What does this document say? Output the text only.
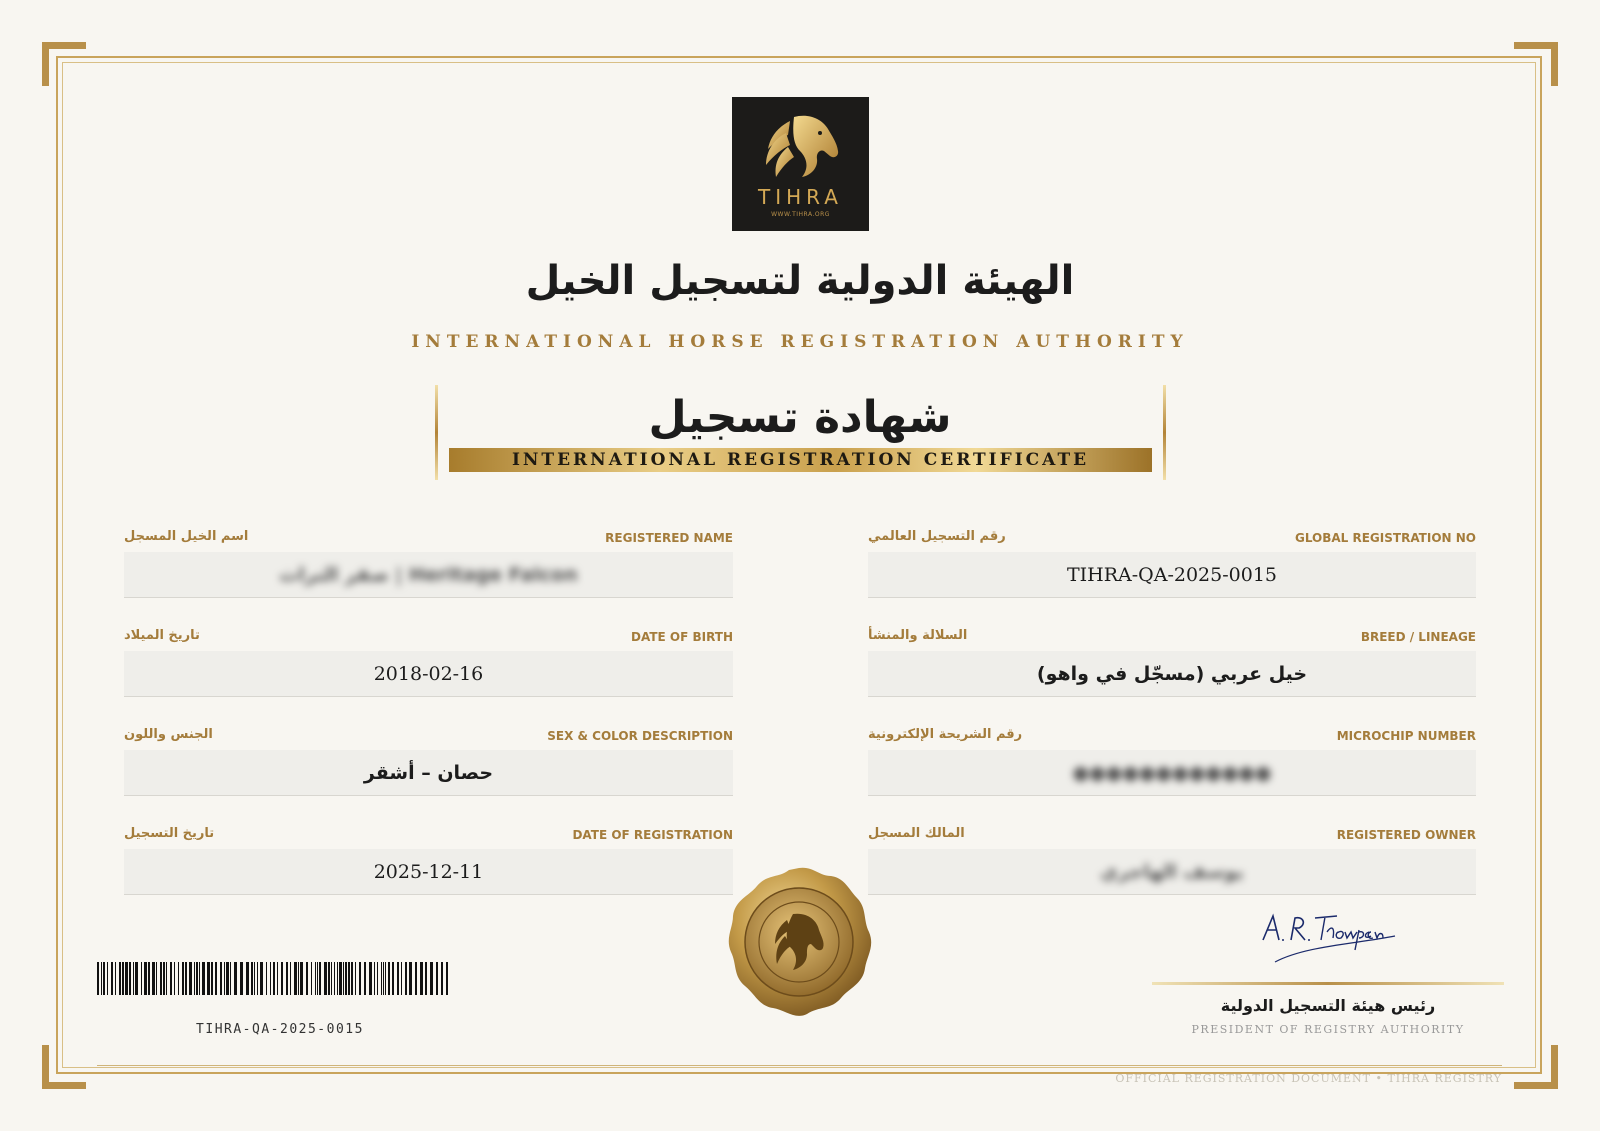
TIHRA
WWW.TIHRA.ORG
الهيئة الدولية لتسجيل الخيل
INTERNATIONAL HORSE REGISTRATION AUTHORITY
شهادة تسجيل
INTERNATIONAL REGISTRATION CERTIFICATE
اسم الخيل المسجل	REGISTERED NAME
صقر التراث | Heritage Falcon
تاريخ الميلاد	DATE OF BIRTH
2018-02-16
الجنس واللون	SEX & COLOR DESCRIPTION
حصان – أشقر
تاريخ التسجيل	DATE OF REGISTRATION
2025-12-11
رقم التسجيل العالمي	GLOBAL REGISTRATION NO
TIHRA-QA-2025-0015
السلالة والمنشأ	BREED / LINEAGE
خيل عربي (مسجّل في واهو)
رقم الشريحة الإلكترونية	MICROCHIP NUMBER
●●●●●●●●●●●●
المالك المسجل	REGISTERED OWNER
يوسف الهاجري
TIHRA-QA-2025-0015
رئيس هيئة التسجيل الدولية
PRESIDENT OF REGISTRY AUTHORITY
OFFICIAL REGISTRATION DOCUMENT • TIHRA REGISTRY
